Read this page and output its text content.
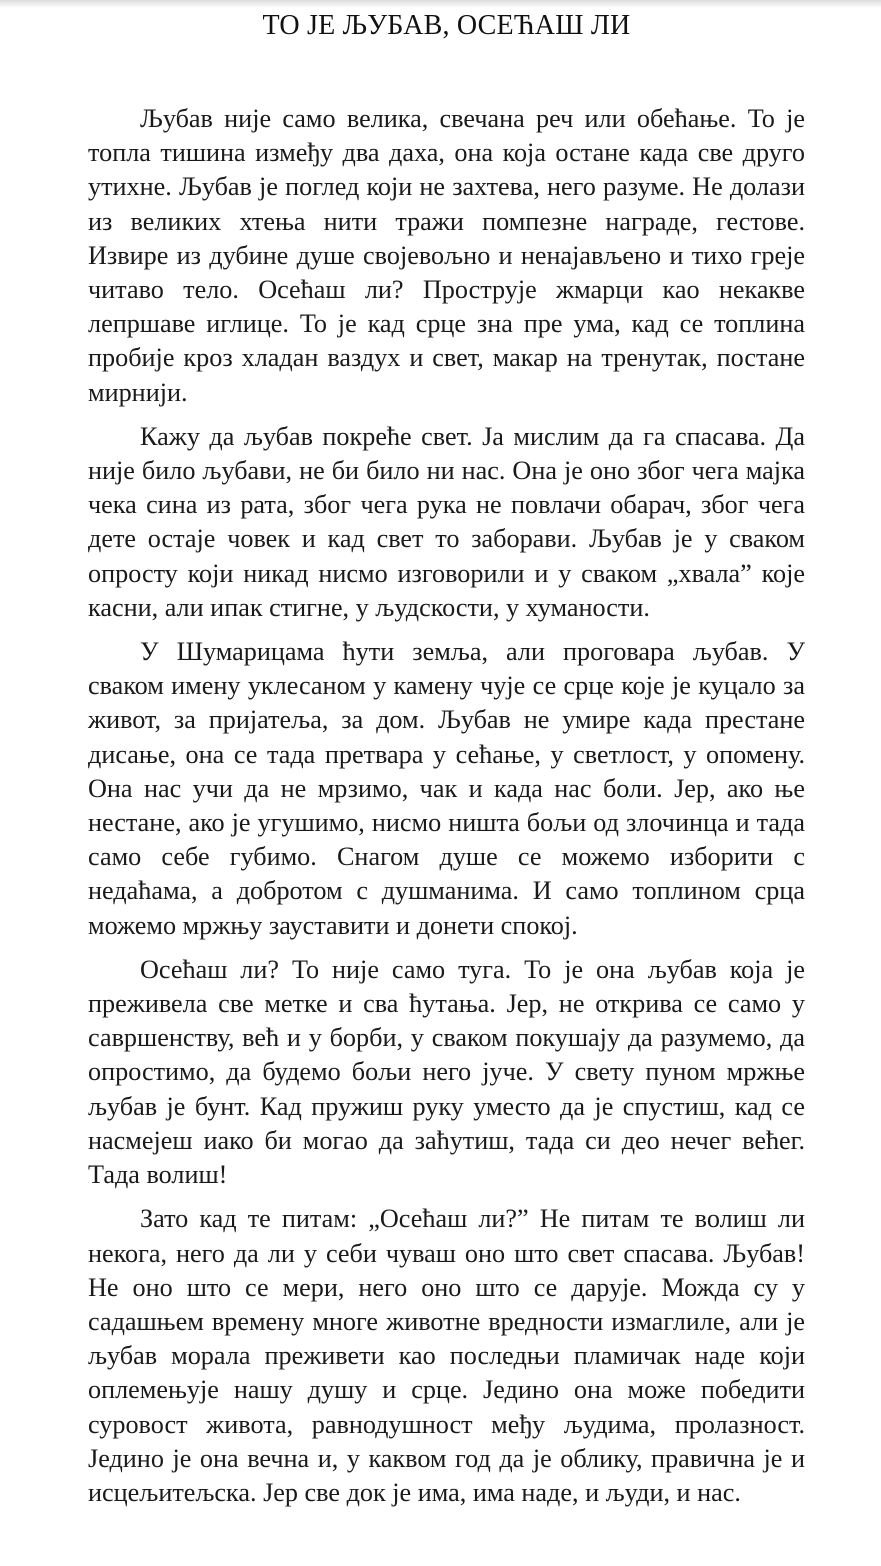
ТО ЈЕ ЉУБАВ, ОСЕЋАШ ЛИ

Љубав није само велика, свечана реч или обећање. То је топла тишина између два даха, она која остане када све друго утихне. Љубав је поглед који не захтева, него разуме. Не долази из великих хтења нити тражи помпезне награде, гестове. Извире из дубине душе својевољно и ненајављено и тихо греје читаво тело. Осећаш ли? Прострује жмарци као некакве лепршаве иглице. То је кад срце зна пре ума, кад се топлина пробије кроз хладан ваздух и свет, макар на тренутак, постане мирнији.

Кажу да љубав покреће свет. Ја мислим да га спасава. Да није било љубави, не би било ни нас. Она је оно због чега мајка чека сина из рата, због чега рука не повлачи обарач, због чега дете остаје човек и кад свет то заборави. Љубав је у сваком опросту који никад нисмо изговорили и у сваком „хвала” које касни, али ипак стигне, у људскости, у хуманости.

У Шумарицама ћути земља, али проговара љубав. У сваком имену уклесаном у камену чује се срце које је куцало за живот, за пријатеља, за дом. Љубав не умире када престане дисање, она се тада претвара у сећање, у светлост, у опомену. Она нас учи да не мрзимо, чак и када нас боли. Јер, ако ње нестане, ако је угушимо, нисмо ништа бољи од злочинца и тада само себе губимо. Снагом душе се можемо изборити с недаћама, а добротом с душманима. И само топлином срца можемо мржњу зауставити и донети спокој.

Осећаш ли? То није само туга. То је она љубав која је преживела све метке и сва ћутања. Јер, не открива се само у савршенству, већ и у борби, у сваком покушају да разумемо, да опростимо, да будемо бољи него јуче. У свету пуном мржње љубав је бунт. Кад пружиш руку уместо да је спустиш, кад се насмејеш иако би могао да заћутиш, тада си део нечег већег. Тада волиш!

Зато кад те питам: „Осећаш ли?” Не питам те волиш ли некога, него да ли у себи чуваш оно што свет спасава. Љубав! Не оно што се мери, него оно што се дарује. Можда су у садашњем времену многе животне вредности измаглиле, али је љубав морала преживети као последњи пламичак наде који оплемењује нашу душу и срце. Једино она може победити суровост живота, равнодушност међу људима, пролазност. Једино је она вечна и, у каквом год да је облику, правична је и исцељитељска. Јер све док је има, има наде, и људи, и нас.
